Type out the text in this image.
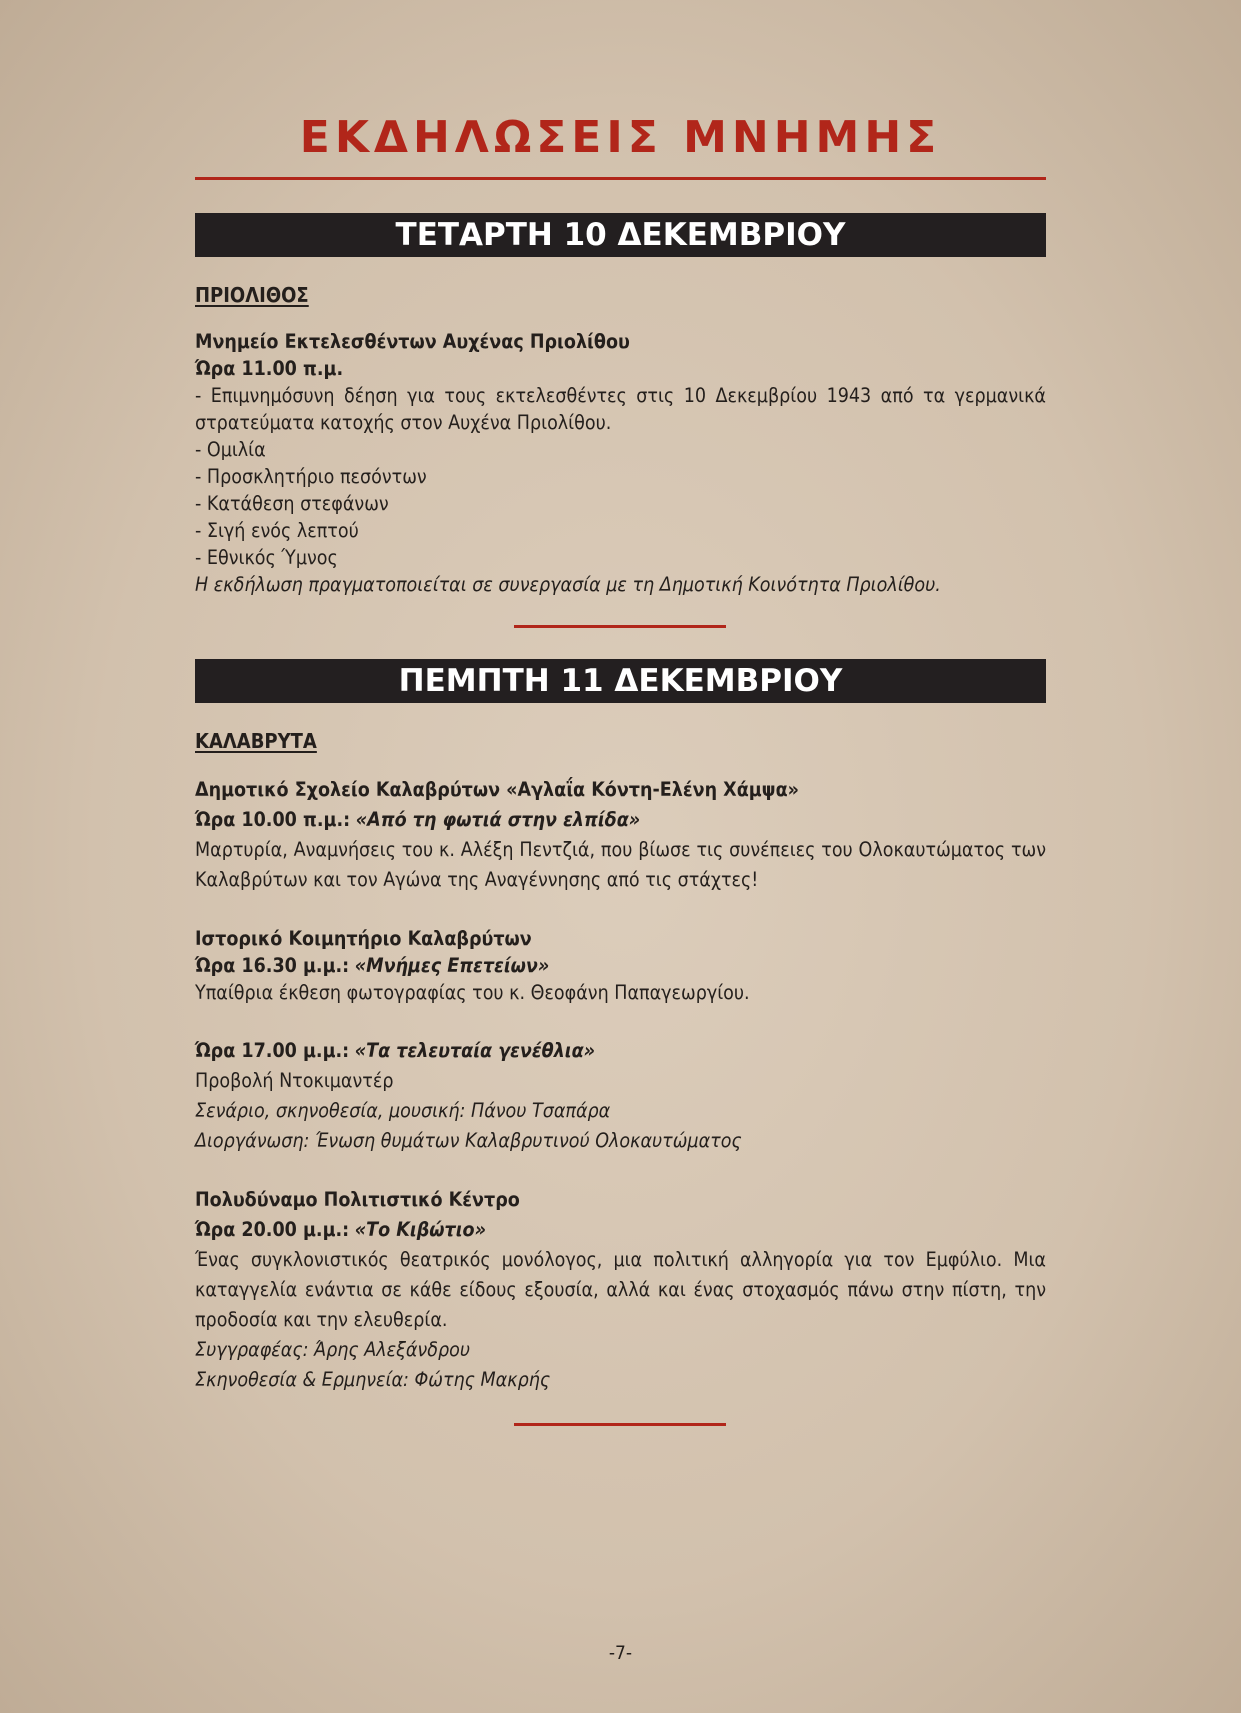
ΕΚΔΗΛΩΣΕΙΣ ΜΝΗΜΗΣ
ΤΕΤΑΡΤΗ 10 ΔΕΚΕΜΒΡΙΟΥ
ΠΡΙΟΛΙΘΟΣ
Μνημείο Εκτελεσθέντων Αυχένας Πριολίθου
Ώρα 11.00 π.μ.
- Επιμνημόσυνη δέηση για τους εκτελεσθέντες στις 10 Δεκεμβρίου 1943 από τα γερμανικά στρατεύματα κατοχής στον Αυχένα Πριολίθου.
- Ομιλία
- Προσκλητήριο πεσόντων
- Κατάθεση στεφάνων
- Σιγή ενός λεπτού
- Εθνικός Ύμνος
Η εκδήλωση πραγματοποιείται σε συνεργασία με τη Δημοτική Κοινότητα Πριολίθου.
ΠΕΜΠΤΗ 11 ΔΕΚΕΜΒΡΙΟΥ
ΚΑΛΑΒΡΥΤΑ
Δημοτικό Σχολείο Καλαβρύτων «Αγλαΐα Κόντη-Ελένη Χάμψα»
Ώρα 10.00 π.μ.: «Από τη φωτιά στην ελπίδα»
Μαρτυρία, Αναμνήσεις του κ. Αλέξη Πεντζιά, που βίωσε τις συνέπειες του Ολοκαυτώματος των Καλαβρύτων και τον Αγώνα της Αναγέννησης από τις στάχτες!
Ιστορικό Κοιμητήριο Καλαβρύτων
Ώρα 16.30 μ.μ.: «Μνήμες Επετείων»
Υπαίθρια έκθεση φωτογραφίας του κ. Θεοφάνη Παπαγεωργίου.
Ώρα 17.00 μ.μ.: «Τα τελευταία γενέθλια»
Προβολή Ντοκιμαντέρ
Σενάριο, σκηνοθεσία, μουσική: Πάνου Τσαπάρα
Διοργάνωση: Ένωση θυμάτων Καλαβρυτινού Ολοκαυτώματος
Πολυδύναμο Πολιτιστικό Κέντρο
Ώρα 20.00 μ.μ.: «Το Κιβώτιο»
Ένας συγκλονιστικός θεατρικός μονόλογος, μια πολιτική αλληγορία για τον Εμφύλιο. Μια καταγγελία ενάντια σε κάθε είδους εξουσία, αλλά και ένας στοχασμός πάνω στην πίστη, την προδοσία και την ελευθερία.
Συγγραφέας: Άρης Αλεξάνδρου
Σκηνοθεσία & Ερμηνεία: Φώτης Μακρής
-7-
